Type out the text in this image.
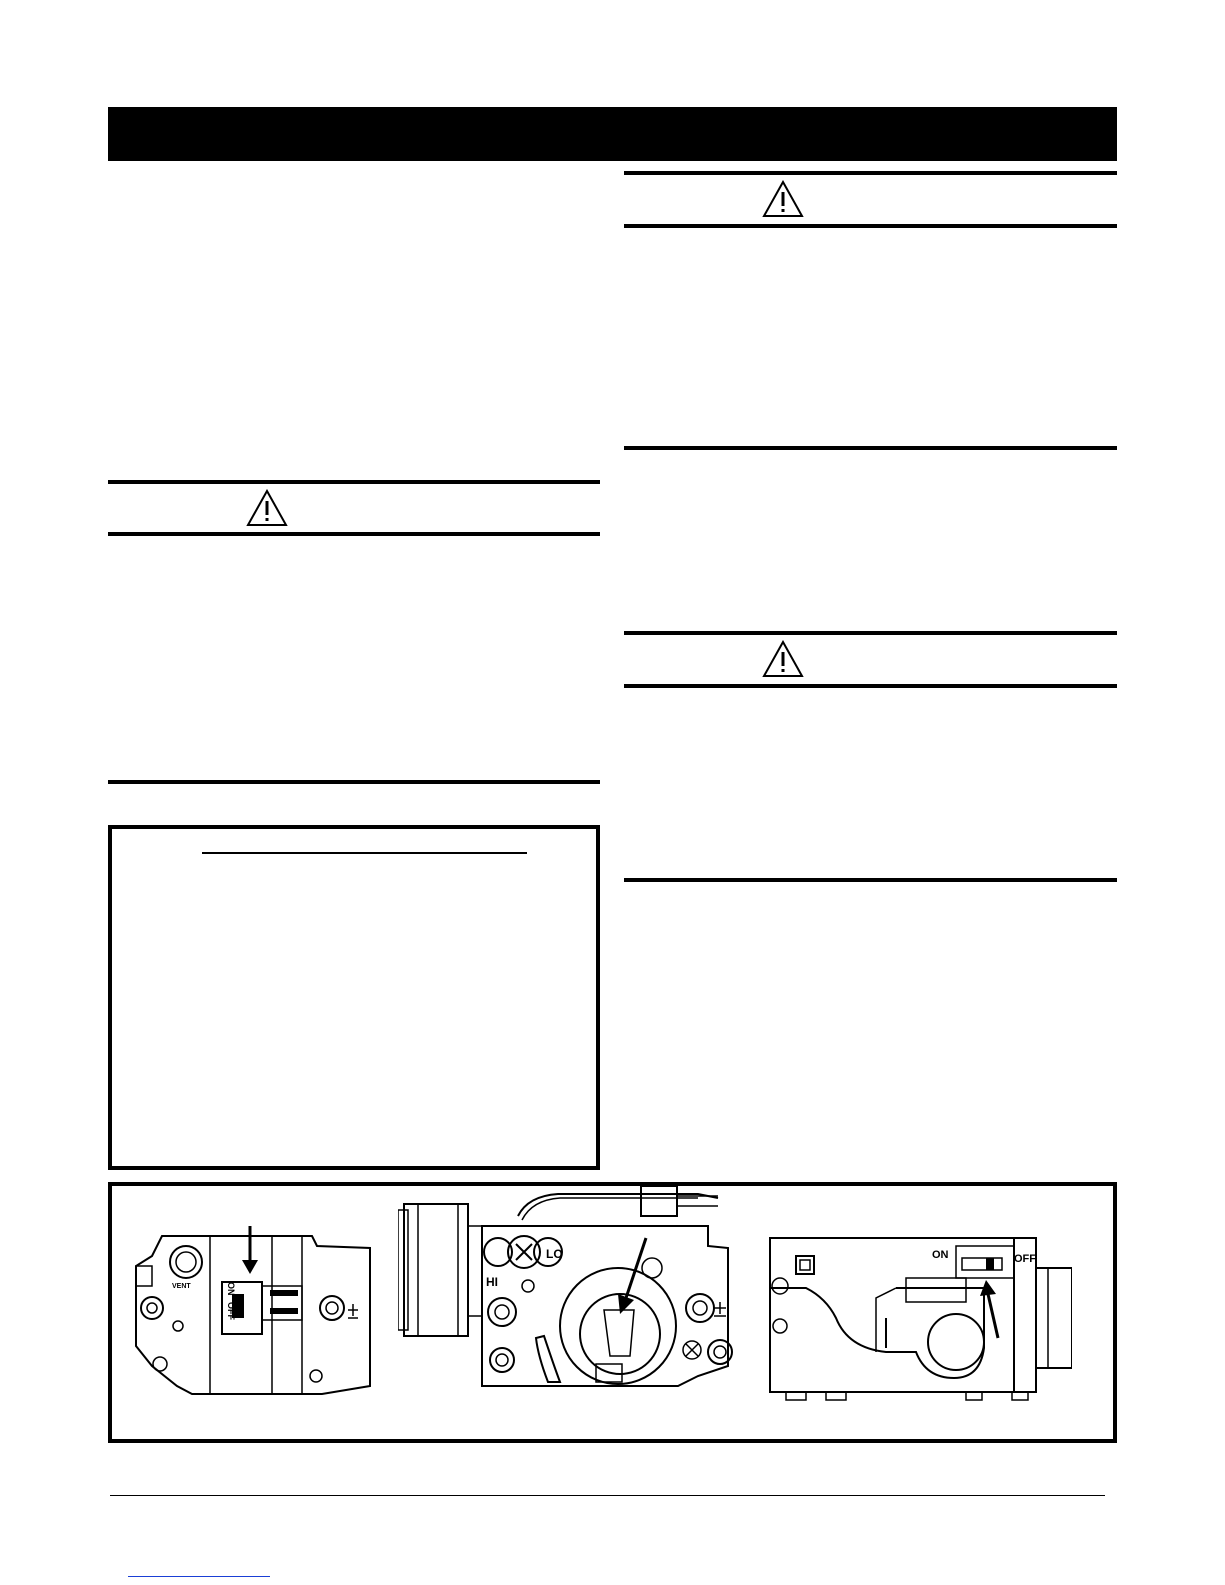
ON
OFF
VENT	HI
LO	ON	OFF
